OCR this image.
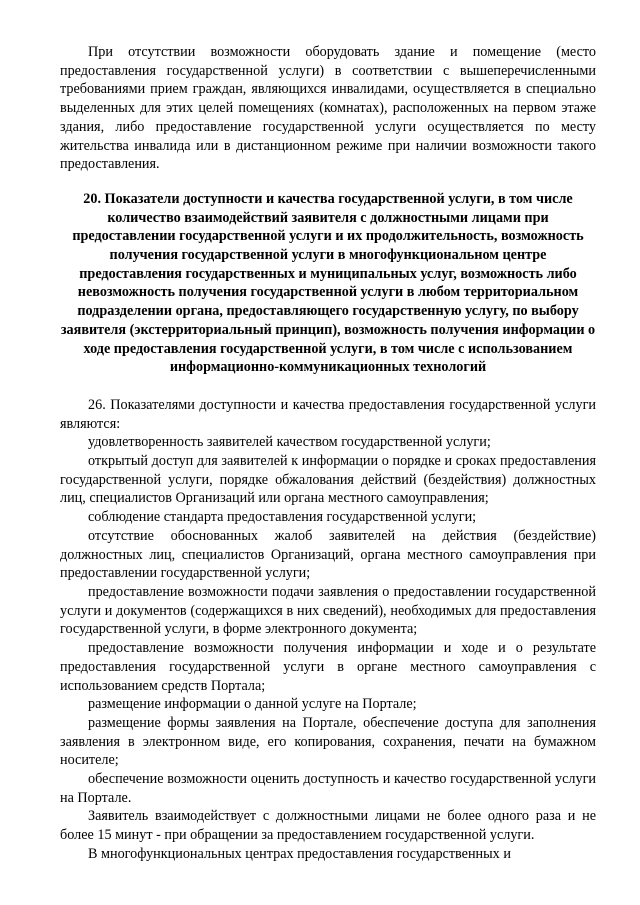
При отсутствии возможности оборудовать здание и помещение (место предоставления государственной услуги) в соответствии с вышеперечисленными требованиями прием граждан, являющихся инвалидами, осуществляется в специально выделенных для этих целей помещениях (комнатах), расположенных на первом этаже здания, либо предоставление государственной услуги осуществляется по месту жительства инвалида или в дистанционном режиме при наличии возможности такого предоставления.

20. Показатели доступности и качества государственной услуги, в том числе количество взаимодействий заявителя с должностными лицами при предоставлении государственной услуги и их продолжительность, возможность получения государственной услуги в многофункциональном центре предоставления государственных и муниципальных услуг, возможность либо невозможность получения государственной услуги в любом территориальном подразделении органа, предоставляющего государственную услугу, по выбору заявителя (экстерриториальный принцип), возможность получения информации о ходе предоставления государственной услуги, в том числе с использованием информационно-коммуникационных технологий

26. Показателями доступности и качества предоставления государственной услуги являются:

удовлетворенность заявителей качеством государственной услуги;

открытый доступ для заявителей к информации о порядке и сроках предоставления государственной услуги, порядке обжалования действий (бездействия) должностных лиц, специалистов Организаций или органа местного самоуправления;

соблюдение стандарта предоставления государственной услуги;

отсутствие обоснованных жалоб заявителей на действия (бездействие) должностных лиц, специалистов Организаций, органа местного самоуправления при предоставлении государственной услуги;

предоставление возможности подачи заявления о предоставлении государственной услуги и документов (содержащихся в них сведений), необходимых для предоставления государственной услуги, в форме электронного документа;

предоставление возможности получения информации и ходе и о результате предоставления государственной услуги в органе местного самоуправления с использованием средств Портала;

размещение информации о данной услуге на Портале;

размещение формы заявления на Портале, обеспечение доступа для заполнения заявления в электронном виде, его копирования, сохранения, печати на бумажном носителе;

обеспечение возможности оценить доступность и качество государственной услуги на Портале.

Заявитель взаимодействует с должностными лицами не более одного раза и не более 15 минут - при обращении за предоставлением государственной услуги.

В многофункциональных центрах предоставления государственных и
